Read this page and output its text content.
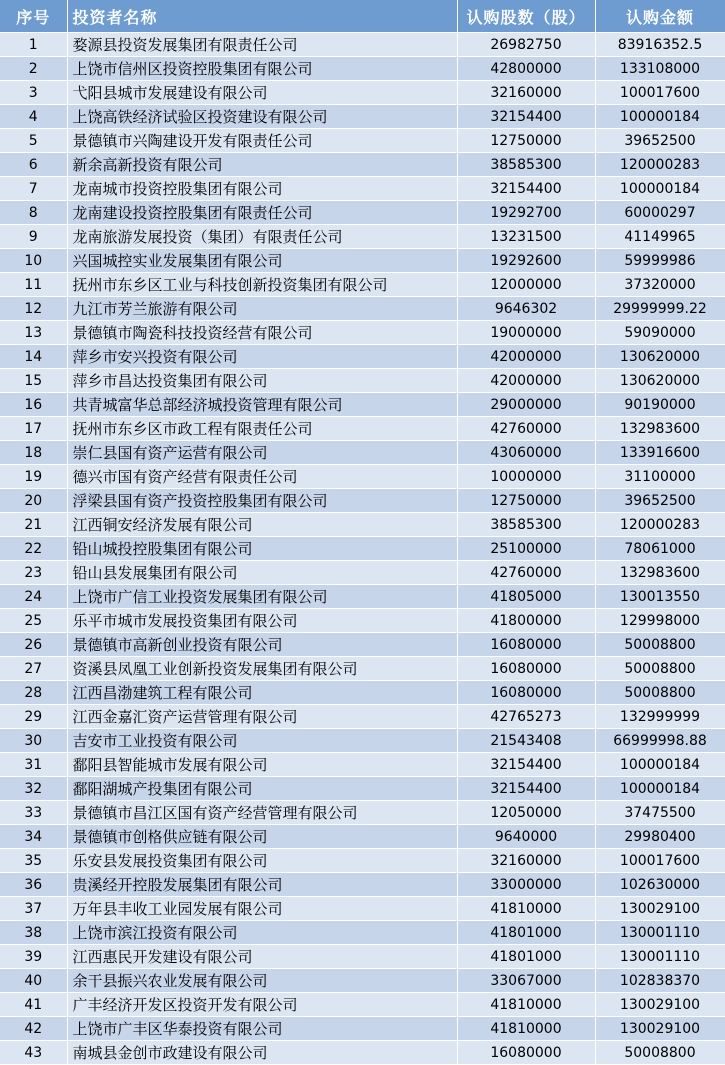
序号	投资者名称	认购股数（股）	认购金额
1	婺源县投资发展集团有限责任公司	26982750	83916352.5
2	上饶市信州区投资控股集团有限公司	42800000	133108000
3	弋阳县城市发展建设有限公司	32160000	100017600
4	上饶高铁经济试验区投资建设有限公司	32154400	100000184
5	景德镇市兴陶建设开发有限责任公司	12750000	39652500
6	新余高新投资有限公司	38585300	120000283
7	龙南城市投资控股集团有限公司	32154400	100000184
8	龙南建设投资控股集团有限责任公司	19292700	60000297
9	龙南旅游发展投资（集团）有限责任公司	13231500	41149965
10	兴国城控实业发展集团有限公司	19292600	59999986
11	抚州市东乡区工业与科技创新投资集团有限公司	12000000	37320000
12	九江市芳兰旅游有限公司	9646302	29999999.22
13	景德镇市陶瓷科技投资经营有限公司	19000000	59090000
14	萍乡市安兴投资有限公司	42000000	130620000
15	萍乡市昌达投资集团有限公司	42000000	130620000
16	共青城富华总部经济城投资管理有限公司	29000000	90190000
17	抚州市东乡区市政工程有限责任公司	42760000	132983600
18	崇仁县国有资产运营有限公司	43060000	133916600
19	德兴市国有资产经营有限责任公司	10000000	31100000
20	浮梁县国有资产投资控股集团有限公司	12750000	39652500
21	江西铜安经济发展有限公司	38585300	120000283
22	铅山城投控股集团有限公司	25100000	78061000
23	铅山县发展集团有限公司	42760000	132983600
24	上饶市广信工业投资发展集团有限公司	41805000	130013550
25	乐平市城市发展投资集团有限公司	41800000	129998000
26	景德镇市高新创业投资有限公司	16080000	50008800
27	资溪县凤凰工业创新投资发展集团有限公司	16080000	50008800
28	江西昌渤建筑工程有限公司	16080000	50008800
29	江西金嘉汇资产运营管理有限公司	42765273	132999999
30	吉安市工业投资有限公司	21543408	66999998.88
31	鄱阳县智能城市发展有限公司	32154400	100000184
32	鄱阳湖城产投集团有限公司	32154400	100000184
33	景德镇市昌江区国有资产经营管理有限公司	12050000	37475500
34	景德镇市创格供应链有限公司	9640000	29980400
35	乐安县发展投资集团有限公司	32160000	100017600
36	贵溪经开控股发展集团有限公司	33000000	102630000
37	万年县丰收工业园发展有限公司	41810000	130029100
38	上饶市滨江投资有限公司	41801000	130001110
39	江西惠民开发建设有限公司	41801000	130001110
40	余干县振兴农业发展有限公司	33067000	102838370
41	广丰经济开发区投资开发有限公司	41810000	130029100
42	上饶市广丰区华泰投资有限公司	41810000	130029100
43	南城县金创市政建设有限公司	16080000	50008800
